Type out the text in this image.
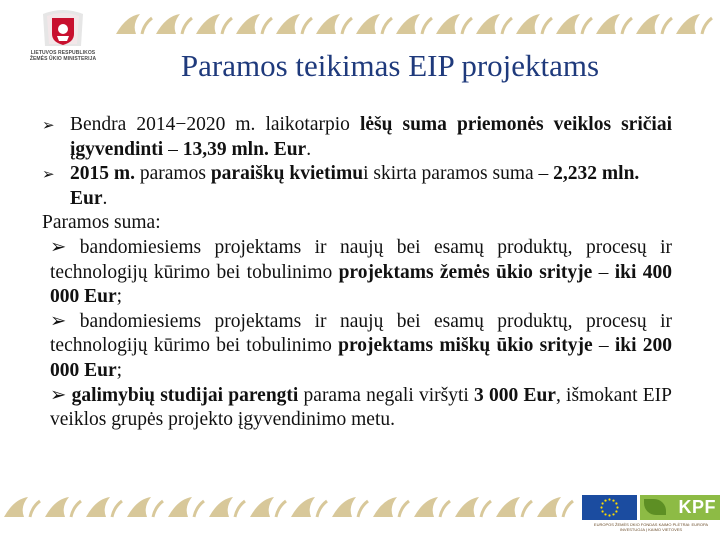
LIETUVOS RESPUBLIKOS ŽEMĖS ŪKIO MINISTERIJA	Paramos teikimas EIP projektams
➢ Bendra 2014−2020 m. laikotarpio lėšų suma priemonės veiklos sričiai įgyvendinti – 13,39 mln. Eur.
➢ 2015 m. paramos paraiškų kvietimui skirta paramos suma – 2,232 mln. Eur.
Paramos suma:
➢ bandomiesiems projektams ir naujų bei esamų produktų, procesų ir technologijų kūrimo bei tobulinimo projektams žemės ūkio srityje – iki 400 000 Eur;
➢ bandomiesiems projektams ir naujų bei esamų produktų, procesų ir technologijų kūrimo bei tobulinimo projektams miškų ūkio srityje – iki 200 000 Eur;
➢ galimybių studijai parengti parama negali viršyti 3 000 Eur, išmokant EIP veiklos grupės projekto įgyvendinimo metu.
KPF
EUROPOS ŽEMĖS ŪKIO FONDAS KAIMO PLĖTRAI: EUROPA INVESTUOJA Į KAIMO VIETOVES
